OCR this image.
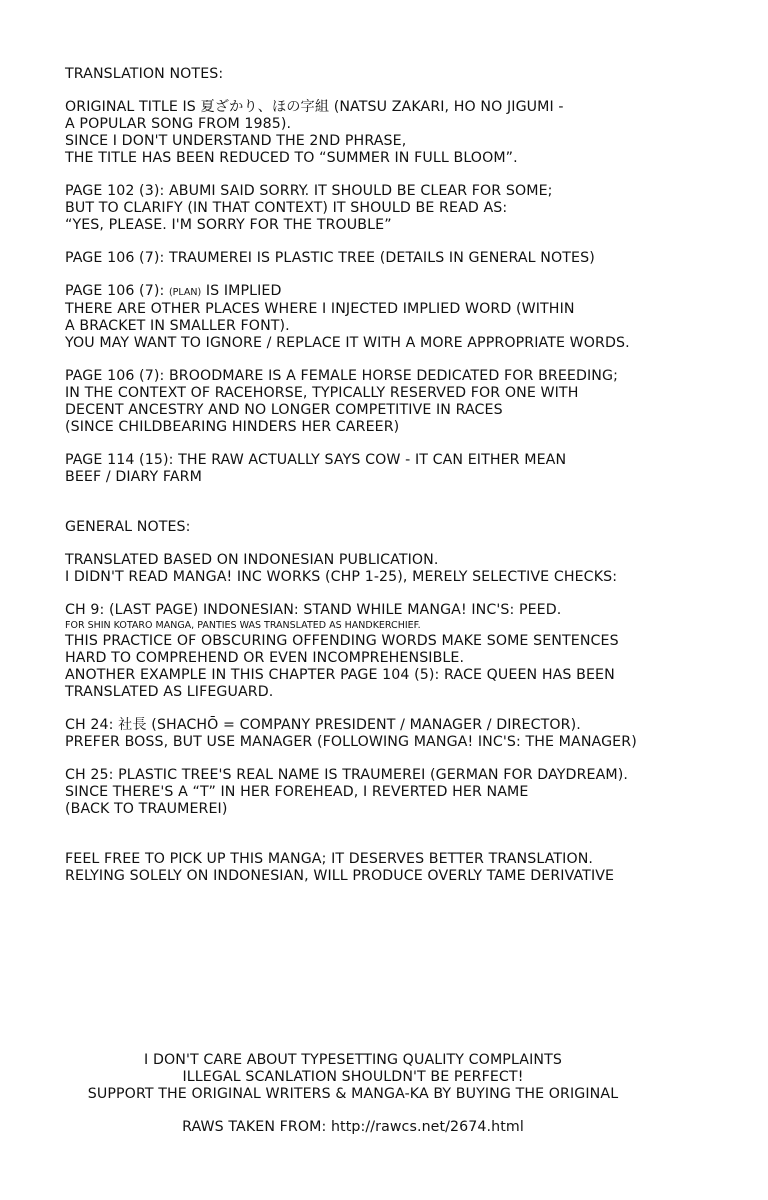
TRANSLATION NOTES:
ORIGINAL TITLE IS 夏ざかり、ほの字組 (NATSU ZAKARI, HO NO JIGUMI -
A POPULAR SONG FROM 1985).
SINCE I DON'T UNDERSTAND THE 2ND PHRASE,
THE TITLE HAS BEEN REDUCED TO “SUMMER IN FULL BLOOM”.
PAGE 102 (3): ABUMI SAID SORRY. IT SHOULD BE CLEAR FOR SOME;
BUT TO CLARIFY (IN THAT CONTEXT) IT SHOULD BE READ AS:
“YES, PLEASE. I'M SORRY FOR THE TROUBLE”
PAGE 106 (7): TRAUMEREI IS PLASTIC TREE (DETAILS IN GENERAL NOTES)
PAGE 106 (7): (PLAN) IS IMPLIED
THERE ARE OTHER PLACES WHERE I INJECTED IMPLIED WORD (WITHIN
A BRACKET IN SMALLER FONT).
YOU MAY WANT TO IGNORE / REPLACE IT WITH A MORE APPROPRIATE WORDS.
PAGE 106 (7): BROODMARE IS A FEMALE HORSE DEDICATED FOR BREEDING;
IN THE CONTEXT OF RACEHORSE, TYPICALLY RESERVED FOR ONE WITH
DECENT ANCESTRY AND NO LONGER COMPETITIVE IN RACES
(SINCE CHILDBEARING HINDERS HER CAREER)
PAGE 114 (15): THE RAW ACTUALLY SAYS COW - IT CAN EITHER MEAN
BEEF / DIARY FARM
GENERAL NOTES:
TRANSLATED BASED ON INDONESIAN PUBLICATION.
I DIDN'T READ MANGA! INC WORKS (CHP 1-25), MERELY SELECTIVE CHECKS:
CH 9: (LAST PAGE) INDONESIAN: STAND WHILE MANGA! INC'S: PEED.
FOR SHIN KOTARO MANGA, PANTIES WAS TRANSLATED AS HANDKERCHIEF.
THIS PRACTICE OF OBSCURING OFFENDING WORDS MAKE SOME SENTENCES
HARD TO COMPREHEND OR EVEN INCOMPREHENSIBLE.
ANOTHER EXAMPLE IN THIS CHAPTER PAGE 104 (5): RACE QUEEN HAS BEEN
TRANSLATED AS LIFEGUARD.
CH 24: 社長 (SHACHŌ = COMPANY PRESIDENT / MANAGER / DIRECTOR).
PREFER BOSS, BUT USE MANAGER (FOLLOWING MANGA! INC'S: THE MANAGER)
CH 25: PLASTIC TREE'S REAL NAME IS TRAUMEREI (GERMAN FOR DAYDREAM).
SINCE THERE'S A “T” IN HER FOREHEAD, I REVERTED HER NAME
(BACK TO TRAUMEREI)
FEEL FREE TO PICK UP THIS MANGA; IT DESERVES BETTER TRANSLATION.
RELYING SOLELY ON INDONESIAN, WILL PRODUCE OVERLY TAME DERIVATIVE
I DON'T CARE ABOUT TYPESETTING QUALITY COMPLAINTS
ILLEGAL SCANLATION SHOULDN'T BE PERFECT!
SUPPORT THE ORIGINAL WRITERS & MANGA-KA BY BUYING THE ORIGINAL
RAWS TAKEN FROM: http://rawcs.net/2674.html
